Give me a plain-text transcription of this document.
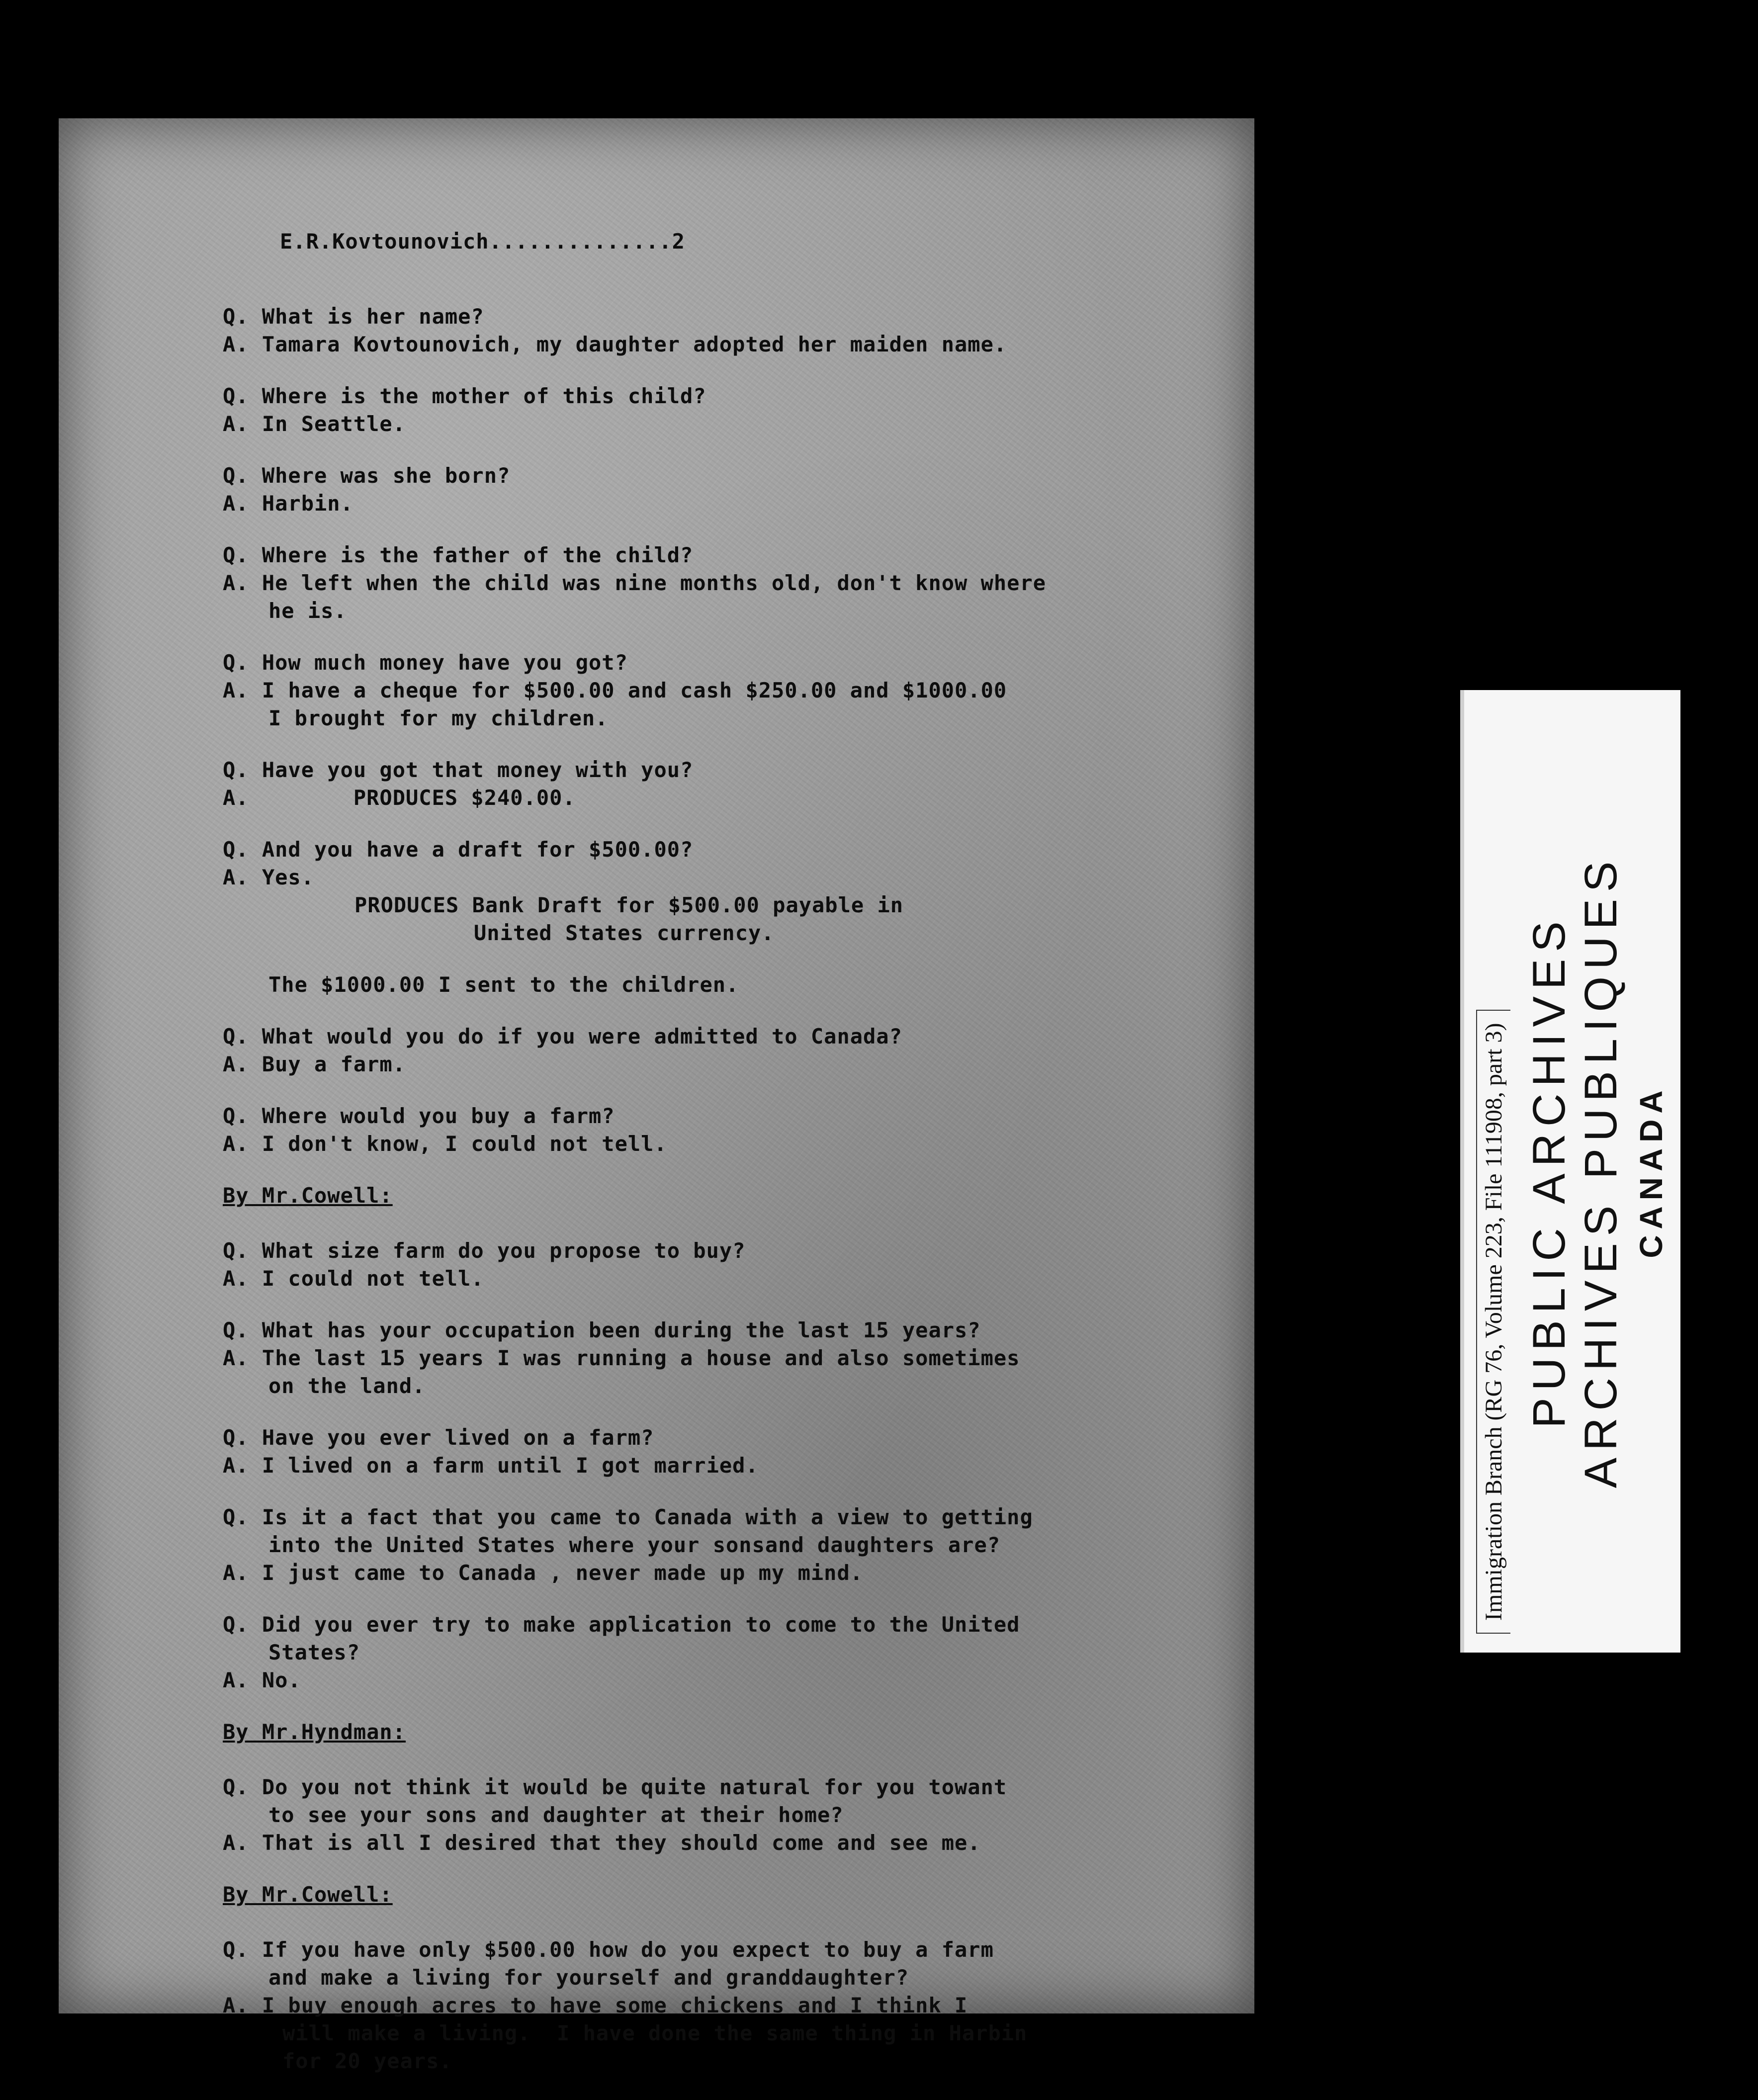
E.R.Kovtounovich..............2
Q. What is her name?
A. Tamara Kovtounovich, my daughter adopted her maiden name.
Q. Where is the mother of this child?
A. In Seattle.
Q. Where was she born?
A. Harbin.
Q. Where is the father of the child?
A. He left when the child was nine months old, don't know where
he is.
Q. How much money have you got?
A. I have a cheque for $500.00 and cash $250.00 and $1000.00
I brought for my children.
Q. Have you got that money with you?
A.        PRODUCES $240.00.
Q. And you have a draft for $500.00?
A. Yes.
PRODUCES Bank Draft for $500.00 payable in
United States currency.
The $1000.00 I sent to the children.
Q. What would you do if you were admitted to Canada?
A. Buy a farm.
Q. Where would you buy a farm?
A. I don't know, I could not tell.
By Mr.Cowell:
Q. What size farm do you propose to buy?
A. I could not tell.
Q. What has your occupation been during the last 15 years?
A. The last 15 years I was running a house and also sometimes
on the land.
Q. Have you ever lived on a farm?
A. I lived on a farm until I got married.
Q. Is it a fact that you came to Canada with a view to getting
into the United States where your sonsand daughters are?
A. I just came to Canada , never made up my mind.
Q. Did you ever try to make application to come to the United
States?
A. No.
By Mr.Hyndman:
Q. Do you not think it would be quite natural for you towant
to see your sons and daughter at their home?
A. That is all I desired that they should come and see me.
By Mr.Cowell:
Q. If you have only $500.00 how do you expect to buy a farm
and make a living for yourself and granddaughter?
A. I buy enough acres to have some chickens and I think I
will make a living.  I have done the same thing in Harbin
for 20 years.
Immigration Branch (RG 76, Volume 223, File 111908, part 3) PUBLIC ARCHIVES ARCHIVES PUBLIQUES CANADA
